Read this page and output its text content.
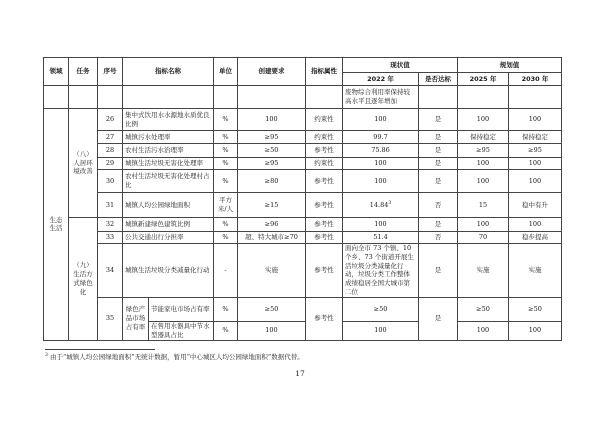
领域	任务	序号	指标名称		单位	创建要求	指标属性	现状值		规划值	
								2022 年	是否达标	2025 年	2030 年
								废物综合利用率保持较高水平且逐年增加			
生态生活	（八）人居环境改善	26	集中式饮用水水源地水质优良比例		%	100	约束性	100	是	100	100
		27	城镇污水处理率		%	≥95	约束性	99.7	是	保持稳定	保持稳定
		28	农村生活污水治理率		%	≥50	参考性	75.86	是	≥95	≥95
		29	城镇生活垃圾无害化处理率		%	≥95	约束性	100	是	100	100
		30	农村生活垃圾无害化处理村占比		%	≥80	参考性	100	是	100	100
		31	城镇人均公园绿地面积		平方米/人	≥15	参考性	14.84$^3$	否	15	稳中有升
	（九）生活方式绿色化	32	城镇新建绿色建筑比例		%	≥96	参考性	100	是	100	100
		33	公共交通出行分担率		%	超、特大城市≥70	参考性	51.4	否	70	稳步提高
		34	城镇生活垃圾分类减量化行动		-	实施	参考性	面向全市 73 个镇、10 个乡、73 个街道开展生活垃圾分类减量化行动，垃圾分类工作整体成绩稳居全国大城市第二位	是	实施	实施
		35	绿色产品市场占有率	节能家电市场占有率	%	≥50	参考性	≥50	是	≥50	≥50
				在售用水器具中节水型器具占比	%	100		100		100	100
$^3$ 由于“城镇人均公园绿地面积”无统计数据，暂用“中心城区人均公园绿地面积”数据代替。
17
